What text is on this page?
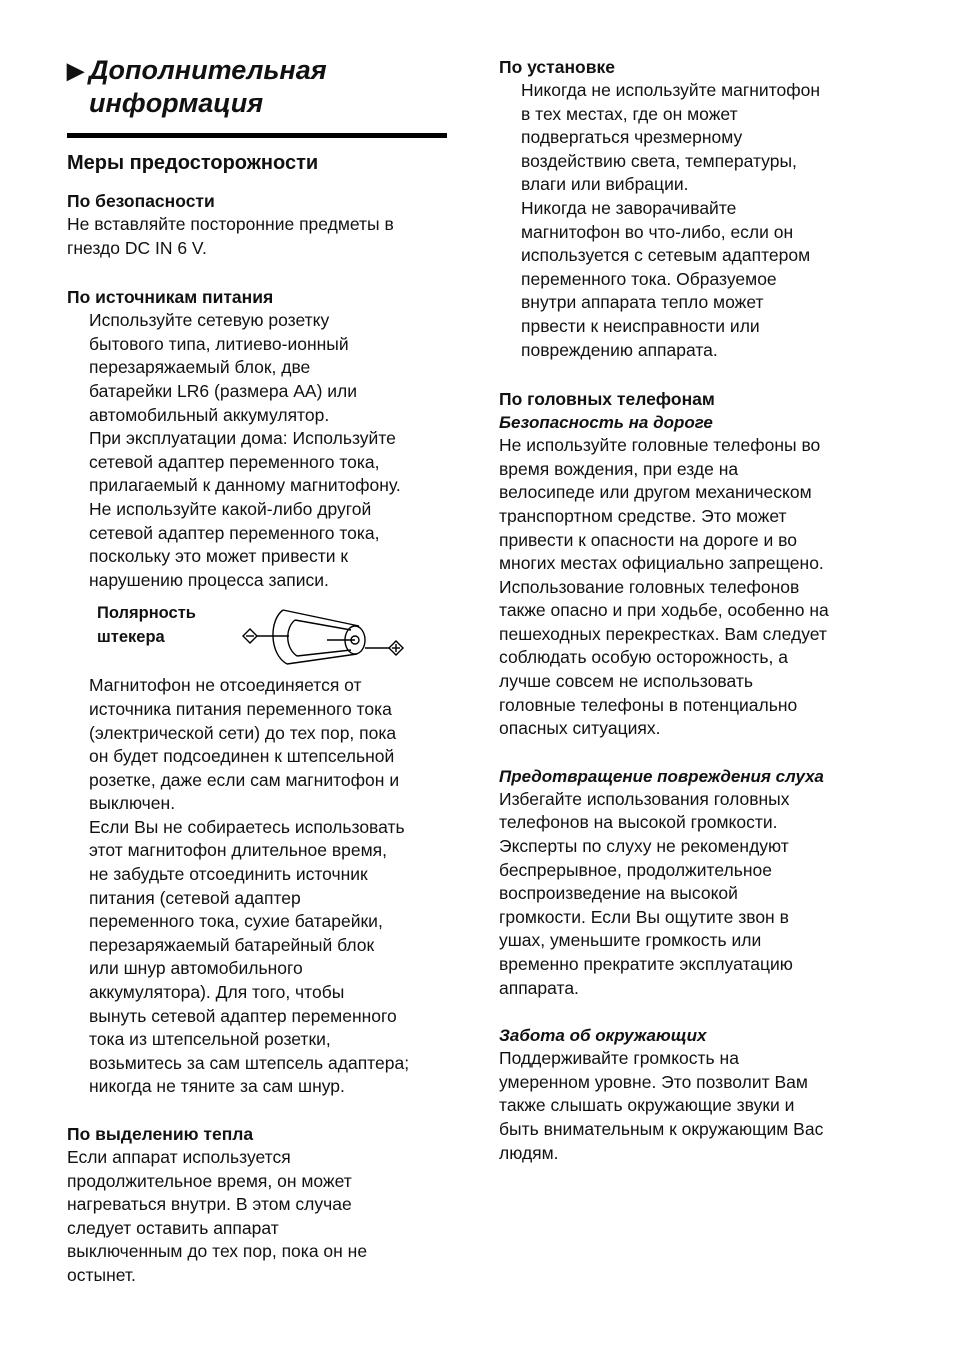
▶ Дополнительная
информация
Меры предосторожности
По безопасности

Не вставляйте посторонние предметы в

гнездо DC IN 6 V.

По источникам питания

Используйте сетевую розетку

бытового типа, литиево-ионный

перезаряжаемый блок, две

батарейки LR6 (размера AA) или

автомобильный аккумулятор.

При эксплуатации дома: Используйте

сетевой адаптер переменного тока,

прилагаемый к данному магнитофону.

Не используйте какой-либо другой

сетевой адаптер переменного тока,

поскольку это может привести к

нарушению процесса записи.

Полярность
штекера

Магнитофон не отсоединяется от

источника питания переменного тока

(электрической сети) до тех пор, пока

он будет подсоединен к штепсельной

розетке, даже если сам магнитофон и

выключен.

Если Вы не собираетесь использовать

этот магнитофон длительное время,

не забудьте отсоединить источник

питания (сетевой адаптер

переменного тока, сухие батарейки,

перезаряжаемый батарейный блок

или шнур автомобильного

аккумулятора). Для того, чтобы

вынуть сетевой адаптер переменного

тока из штепсельной розетки,

возьмитесь за сам штепсель адаптера;

никогда не тяните за сам шнур.

По выделению тепла

Если аппарат используется

продолжительное время, он может

нагреваться внутри. В этом случае

следует оставить аппарат

выключенным до тех пор, пока он не

остынет.

По установке

Никогда не используйте магнитофон

в тех местах, где он может

подвергаться чрезмерному

воздействию света, температуры,

влаги или вибрации.

Никогда не заворачивайте

магнитофон во что-либо, если он

используется с сетевым адаптером

переменного тока. Образуемое

внутри аппарата тепло может

првести к неисправности или

повреждению аппарата.

По головных телефонам
Безопасность на дороге

Не используйте головные телефоны во

время вождения, при езде на

велосипеде или другом механическом

транспортном средстве. Это может

привести к опасности на дороге и во

многих местах официально запрещено.

Использование головных телефонов

также опасно и при ходьбе, особенно на

пешеходных перекрестках. Вам следует

соблюдать особую осторожность, а

лучше совсем не использовать

головные телефоны в потенциально

опасных ситуациях.

Предотвращение повреждения слуха

Избегайте использования головных

телефонов на высокой громкости.

Эксперты по слуху не рекомендуют

беспрерывное, продолжительное

воспроизведение на высокой

громкости. Если Вы ощутите звон в

ушах, уменьшите громкость или

временно прекратите эксплуатацию

аппарата.

Забота об окружающих

Поддерживайте громкость на

умеренном уровне. Это позволит Вам

также слышать окружающие звуки и

быть внимательным к окружающим Вас

людям.
